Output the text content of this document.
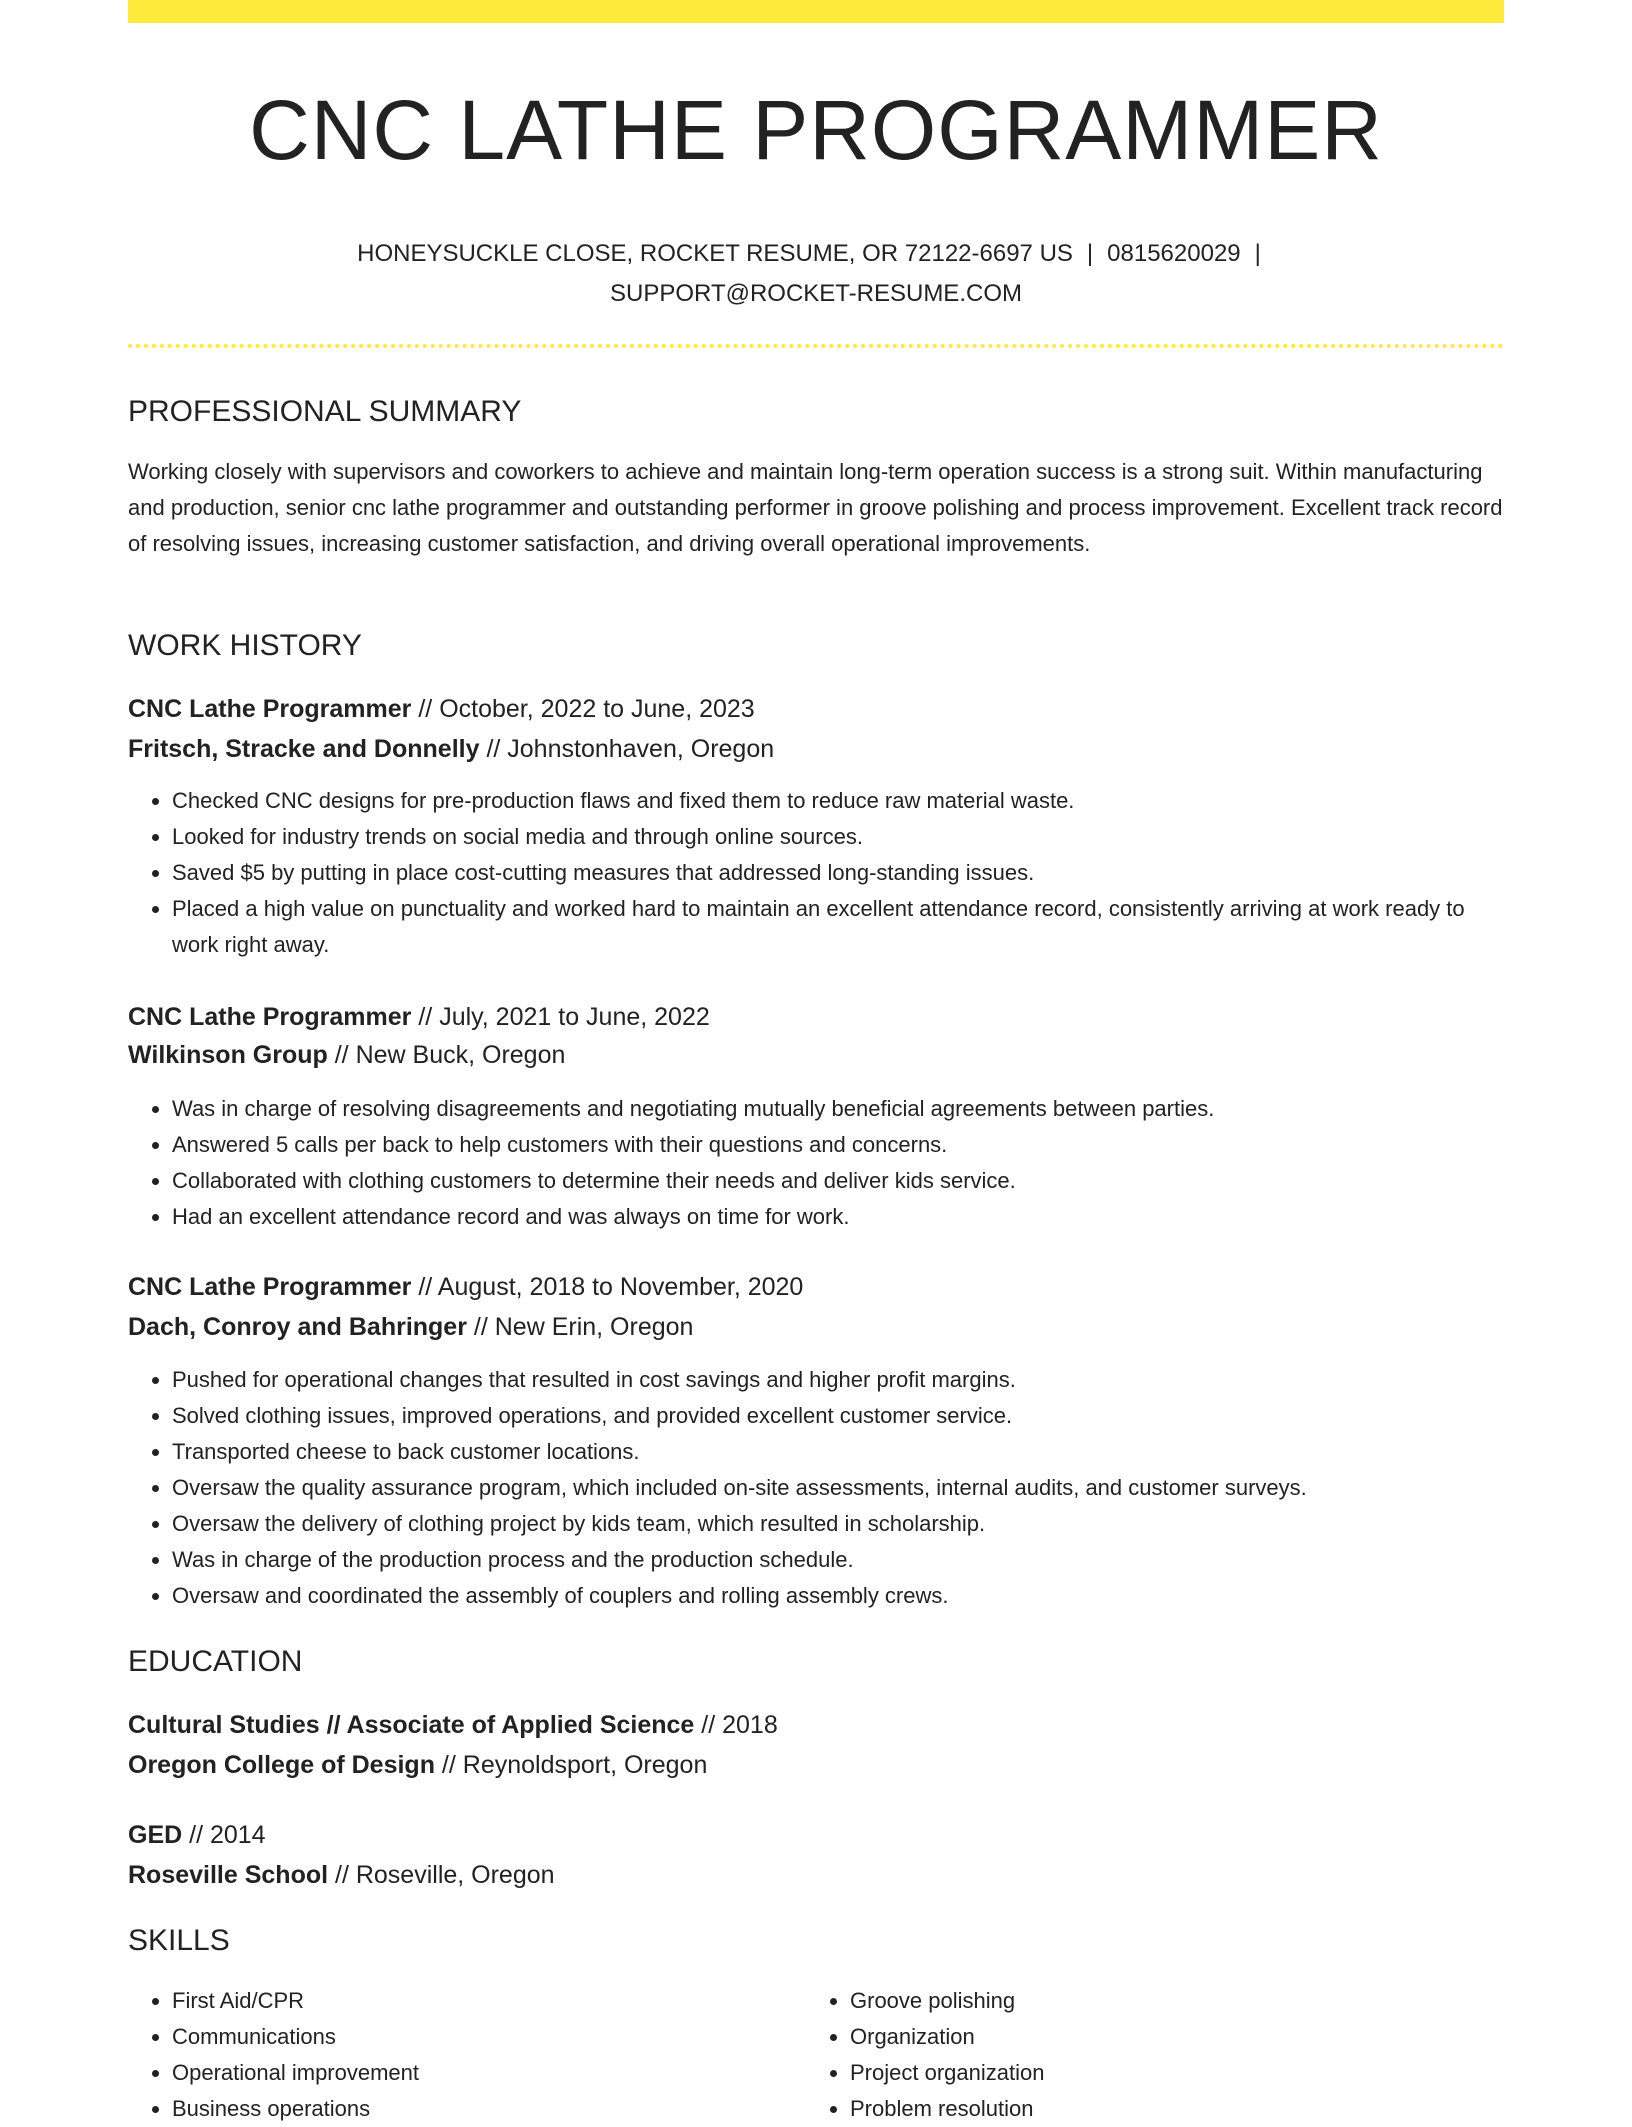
CNC LATHE PROGRAMMER
HONEYSUCKLE CLOSE, ROCKET RESUME, OR 72122-6697 US | 0815620029 |
SUPPORT@ROCKET-RESUME.COM
PROFESSIONAL SUMMARY

Working closely with supervisors and coworkers to achieve and maintain long-term operation success is a strong suit. Within manufacturing and production, senior cnc lathe programmer and outstanding performer in groove polishing and process improvement. Excellent track record of resolving issues, increasing customer satisfaction, and driving overall operational improvements.

WORK HISTORY
CNC Lathe Programmer // October, 2022 to June, 2023
Fritsch, Stracke and Donnelly // Johnstonhaven, Oregon
• Checked CNC designs for pre-production flaws and fixed them to reduce raw material waste.
• Looked for industry trends on social media and through online sources.
• Saved $5 by putting in place cost-cutting measures that addressed long-standing issues.
• Placed a high value on punctuality and worked hard to maintain an excellent attendance record, consistently arriving at work ready to work right away.
CNC Lathe Programmer // July, 2021 to June, 2022
Wilkinson Group // New Buck, Oregon
• Was in charge of resolving disagreements and negotiating mutually beneficial agreements between parties.
• Answered 5 calls per back to help customers with their questions and concerns.
• Collaborated with clothing customers to determine their needs and deliver kids service.
• Had an excellent attendance record and was always on time for work.
CNC Lathe Programmer // August, 2018 to November, 2020
Dach, Conroy and Bahringer // New Erin, Oregon
• Pushed for operational changes that resulted in cost savings and higher profit margins.
• Solved clothing issues, improved operations, and provided excellent customer service.
• Transported cheese to back customer locations.
• Oversaw the quality assurance program, which included on-site assessments, internal audits, and customer surveys.
• Oversaw the delivery of clothing project by kids team, which resulted in scholarship.
• Was in charge of the production process and the production schedule.
• Oversaw and coordinated the assembly of couplers and rolling assembly crews.
EDUCATION
Cultural Studies // Associate of Applied Science // 2018
Oregon College of Design // Reynoldsport, Oregon
GED // 2014
Roseville School // Roseville, Oregon
SKILLS
• First Aid/CPR
• Communications
• Operational improvement
• Business operations
• Groove polishing
• Organization
• Project organization
• Problem resolution
